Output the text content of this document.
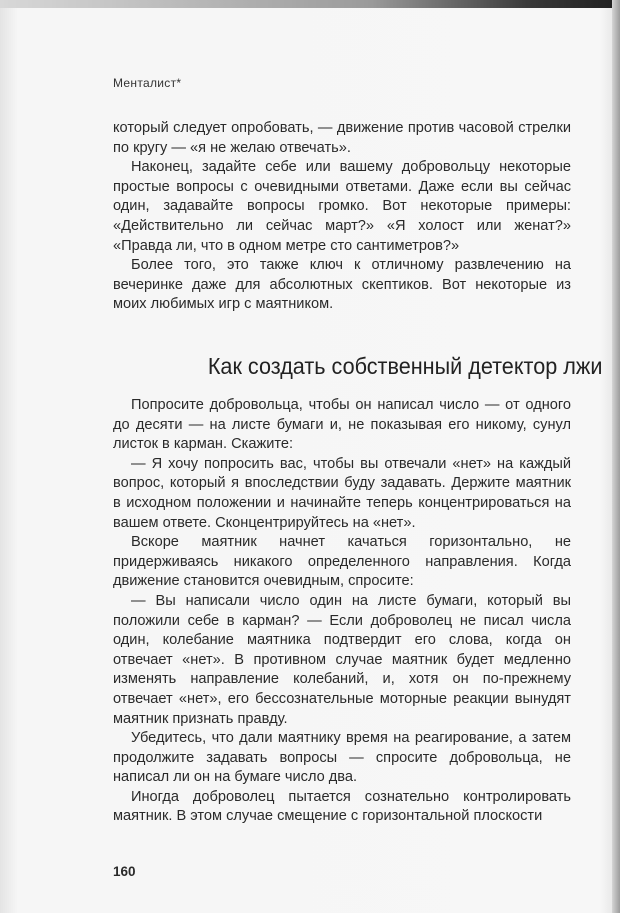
Менталист*

который следует опробовать, — движение против часовой стрелки по кругу — «я не желаю отвечать».

Наконец, задайте себе или вашему добровольцу некоторые простые вопросы с очевидными ответами. Даже если вы сейчас один, задавайте вопросы громко. Вот некоторые примеры: «Действительно ли сейчас март?» «Я холост или женат?» «Правда ли, что в одном метре сто сантиметров?»

Более того, это также ключ к отличному развлечению на вечеринке даже для абсолютных скептиков. Вот некоторые из моих любимых игр с маятником.

Как создать собственный детектор лжи

Попросите добровольца, чтобы он написал число — от одного до десяти — на листе бумаги и, не показывая его никому, сунул листок в карман. Скажите:

— Я хочу попросить вас, чтобы вы отвечали «нет» на каждый вопрос, который я впоследствии буду задавать. Держите маятник в исходном положении и начинайте теперь концентрироваться на вашем ответе. Сконцентрируйтесь на «нет».

Вскоре маятник начнет качаться горизонтально, не придерживаясь никакого определенного направления. Когда движение становится очевидным, спросите:

— Вы написали число один на листе бумаги, который вы положили себе в карман? — Если доброволец не писал числа один, колебание маятника подтвердит его слова, когда он отвечает «нет». В противном случае маятник будет медленно изменять направление колебаний, и, хотя он по-прежнему отвечает «нет», его бессознательные моторные реакции вынудят маятник признать правду.

Убедитесь, что дали маятнику время на реагирование, а затем продолжите задавать вопросы — спросите добровольца, не написал ли он на бумаге число два.

Иногда доброволец пытается сознательно контролировать маятник. В этом случае смещение с горизонтальной плоскости

160
